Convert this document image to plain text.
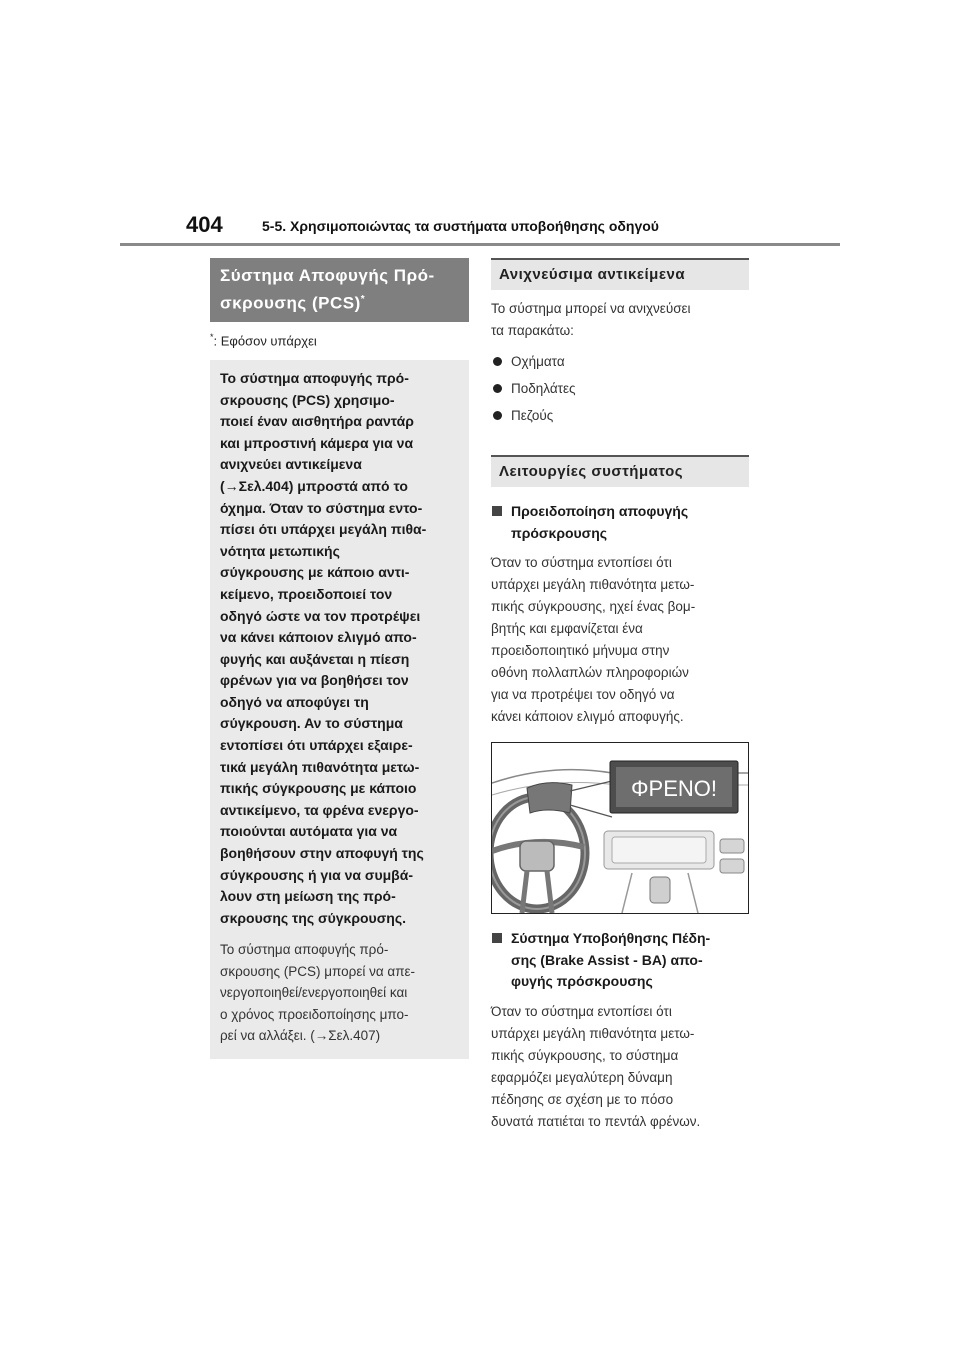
404	5-5. Χρησιμοποιώντας τα συστήματα υποβοήθησης οδηγού
Σύστημα Αποφυγής Πρό-
σκρουσης (PCS)*
*: Εφόσον υπάρχει

Το σύστημα αποφυγής πρό-
σκρουσης (PCS) χρησιμο-
ποιεί έναν αισθητήρα ραντάρ
και μπροστινή κάμερα για να
ανιχνεύει αντικείμενα
(→Σελ.404) μπροστά από το
όχημα. Όταν το σύστημα εντο-
πίσει ότι υπάρχει μεγάλη πιθα-
νότητα μετωπικής
σύγκρουσης με κάποιο αντι-
κείμενο, προειδοποιεί τον
οδηγό ώστε να τον προτρέψει
να κάνει κάποιον ελιγμό απο-
φυγής και αυξάνεται η πίεση
φρένων για να βοηθήσει τον
οδηγό να αποφύγει τη
σύγκρουση. Αν το σύστημα
εντοπίσει ότι υπάρχει εξαιρε-
τικά μεγάλη πιθανότητα μετω-
πικής σύγκρουσης με κάποιο
αντικείμενο, τα φρένα ενεργο-
ποιούνται αυτόματα για να
βοηθήσουν στην αποφυγή της
σύγκρουσης ή για να συμβά-
λουν στη μείωση της πρό-
σκρουσης της σύγκρουσης.

Το σύστημα αποφυγής πρό-
σκρουσης (PCS) μπορεί να απε-
νεργοποιηθεί/ενεργοποιηθεί και
ο χρόνος προειδοποίησης μπο-
ρεί να αλλάξει. (→Σελ.407)

Ανιχνεύσιμα αντικείμενα

Το σύστημα μπορεί να ανιχνεύσει
τα παρακάτω:

Οχήματα
Ποδηλάτες
Πεζούς
Λειτουργίες συστήματος
Προειδοποίηση αποφυγής
πρόσκρουσης

Όταν το σύστημα εντοπίσει ότι
υπάρχει μεγάλη πιθανότητα μετω-
πικής σύγκρουσης, ηχεί ένας βομ-
βητής και εμφανίζεται ένα
προειδοποιητικό μήνυμα στην
οθόνη πολλαπλών πληροφοριών
για να προτρέψει τον οδηγό να
κάνει κάποιον ελιγμό αποφυγής.

ΦΡΕΝΟ!
Σύστημα Υποβοήθησης Πέδη-
σης (Brake Assist - BA) απο-
φυγής πρόσκρουσης

Όταν το σύστημα εντοπίσει ότι
υπάρχει μεγάλη πιθανότητα μετω-
πικής σύγκρουσης, το σύστημα
εφαρμόζει μεγαλύτερη δύναμη
πέδησης σε σχέση με το πόσο
δυνατά πατιέται το πεντάλ φρένων.
